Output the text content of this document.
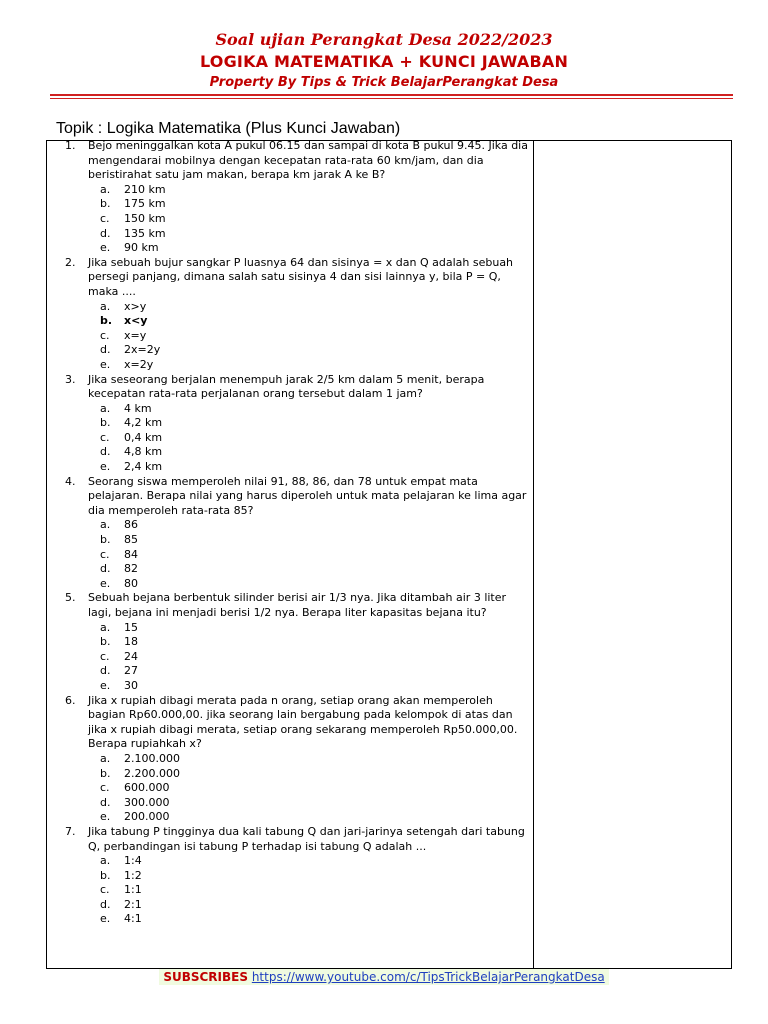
Soal ujian Perangkat Desa 2022/2023
LOGIKA MATEMATIKA + KUNCI JAWABAN
Property By Tips & Trick BelajarPerangkat Desa
Topik : Logika Matematika (Plus Kunci Jawaban)
1. Bejo meninggalkan kota A pukul 06.15 dan sampai di kota B pukul 9.45. Jika dia mengendarai mobilnya dengan kecepatan rata-rata 60 km/jam, dan dia beristirahat satu jam makan, berapa km jarak A ke B?
a. 210 km
b. 175 km
c. 150 km
d. 135 km
e. 90 km
2. Jika sebuah bujur sangkar P luasnya 64 dan sisinya = x dan Q adalah sebuah persegi panjang, dimana salah satu sisinya 4 dan sisi lainnya y, bila P = Q, maka ....
a. x>y
b. x<y
c. x=y
d. 2x=2y
e. x=2y
3. Jika seseorang berjalan menempuh jarak 2/5 km dalam 5 menit, berapa kecepatan rata-rata perjalanan orang tersebut dalam 1 jam?
a. 4 km
b. 4,2 km
c. 0,4 km
d. 4,8 km
e. 2,4 km
4. Seorang siswa memperoleh nilai 91, 88, 86, dan 78 untuk empat mata pelajaran. Berapa nilai yang harus diperoleh untuk mata pelajaran ke lima agar dia memperoleh rata-rata 85?
a. 86
b. 85
c. 84
d. 82
e. 80
5. Sebuah bejana berbentuk silinder berisi air 1/3 nya. Jika ditambah air 3 liter lagi, bejana ini menjadi berisi 1/2 nya. Berapa liter kapasitas bejana itu?
a. 15
b. 18
c. 24
d. 27
e. 30
6. Jika x rupiah dibagi merata pada n orang, setiap orang akan memperoleh bagian Rp60.000,00. jika seorang lain bergabung pada kelompok di atas dan jika x rupiah dibagi merata, setiap orang sekarang memperoleh Rp50.000,00. Berapa rupiahkah x?
a. 2.100.000
b. 2.200.000
c. 600.000
d. 300.000
e. 200.000
7. Jika tabung P tingginya dua kali tabung Q dan jari-jarinya setengah dari tabung Q, perbandingan isi tabung P terhadap isi tabung Q adalah ...
a. 1:4
b. 1:2
c. 1:1
d. 2:1
e. 4:1
SUBSCRIBES https://www.youtube.com/c/TipsTrickBelajarPerangkatDesa
